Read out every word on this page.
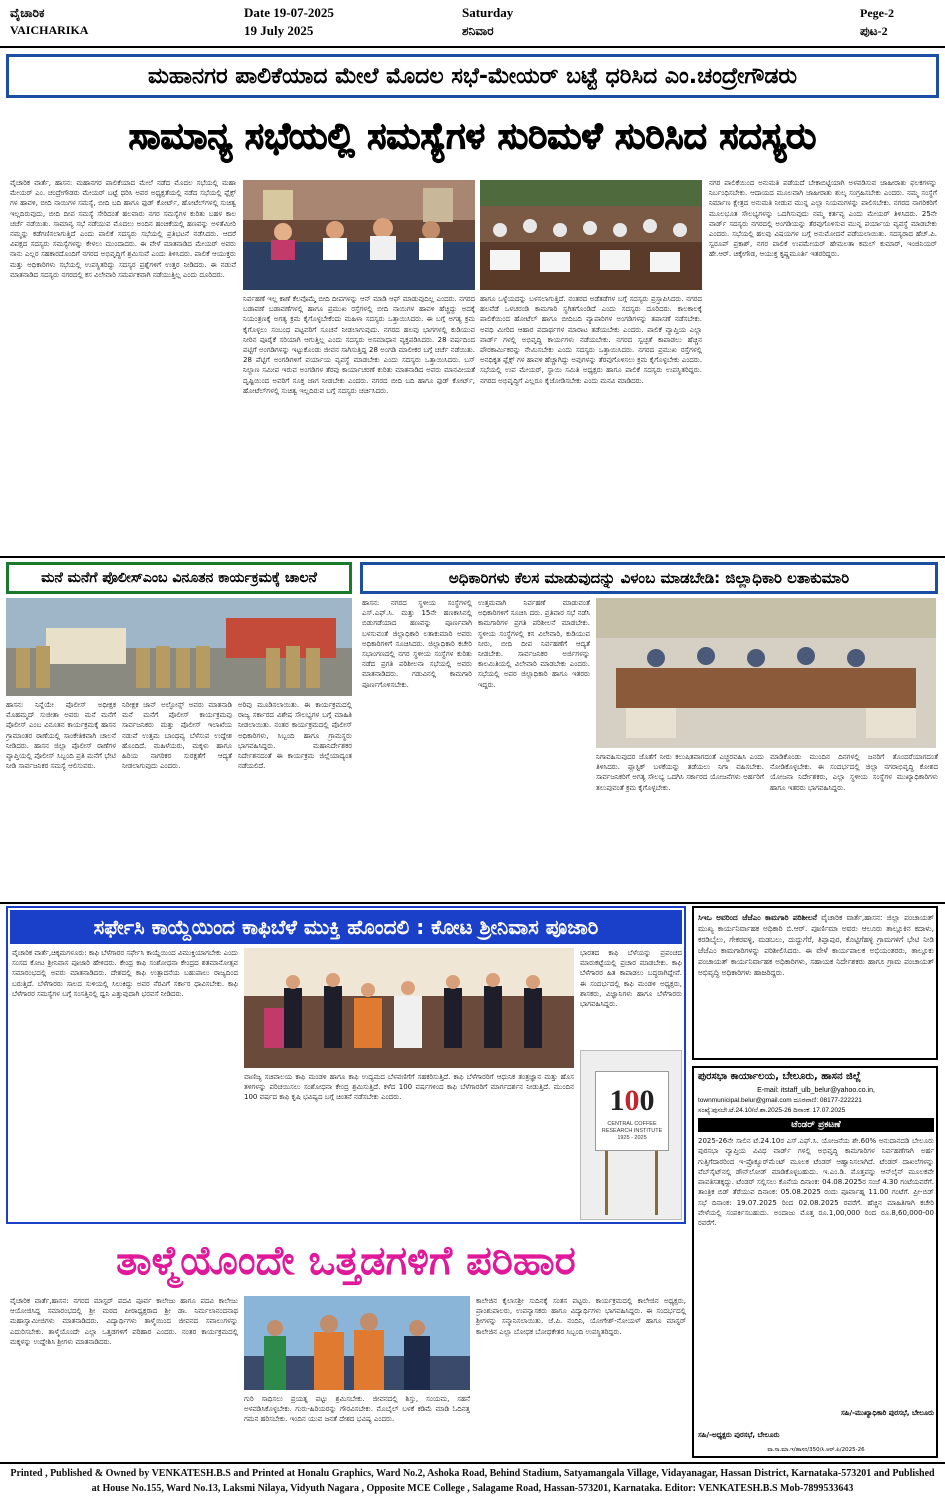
ವೈಚಾರಿಕ
VAICHARIKA
Date 19-07-2025
19 July 2025
Saturday
ಶನಿವಾರ
Pege-2
ಪುಟ-2
ಮಹಾನಗರ ಪಾಲಿಕೆಯಾದ ಮೇಲೆ ಮೊದಲ ಸಭೆ-ಮೇಯರ್ ಬಟ್ಟೆ ಧರಿಸಿದ ಎಂ.ಚಂದ್ರೇಗೌಡರು
ಸಾಮಾನ್ಯ ಸಭೆಯಲ್ಲಿ ಸಮಸ್ಯೆಗಳ ಸುರಿಮಳೆ ಸುರಿಸಿದ ಸದಸ್ಯರು
ವೈಚಾರಿಕ ವಾರ್ತೆ, ಹಾಸನ: ಮಹಾನಗರ ಪಾಲಿಕೆಯಾದ ಮೇಲೆ ನಡೆದ ಮೊದಲ ಸಭೆಯಲ್ಲಿ ಮಹಾ ಮೇಯರ್ ಎಂ. ಚಂದ್ರೇಗೌಡರು ಮೇಯರ್ ಬಟ್ಟೆ ಧರಿಸಿ ಅವರ ಅಧ್ಯಕ್ಷತೆಯಲ್ಲಿ ನಡೆದ ಸಭೆಯಲ್ಲಿ ಫ್ಲೆಕ್ಸ್ ಗಳ ಹಾವಳಿ, ಬೀದಿ ನಾಯಿಗಳ ಸಮಸ್ಯೆ, ಬೀದಿ ಬದಿ ಹಾಗೂ ಫುಡ್ ಕೋರ್ಟ್, ಹೋಟೆಲ್‌ಗಳಲ್ಲಿ ಸುಚಿತ್ವ ಇಲ್ಲದಿರುವುದು, ಬೀದಿ ದೀಪ ಸಮಸ್ಯೆ ಸೇರಿದಂತೆ ಹಲವಾರು ನಗರ ಸಮಸ್ಯೆಗಳ ಕುರಿತು ಬಹಳ ಕಾಲ ಚರ್ಚೆ ನಡೆಯಿತು. ಸಾಮಾನ್ಯ ಸಭೆ ನಡೆಯುವ ಮೊದಲು ಅಂದಿನ ಹಂಚಿಕೆಯಲ್ಲಿ ಹಣವನ್ನು ಅಳತೆಮೀರಿ ನಮ್ಮನ್ನು ಕಡೆಗಣಿಸಲಾಗುತ್ತಿದೆ ಎಂದು ಪಾಲಿಕೆ ಸದಸ್ಯರು ಸಭೆಯಲ್ಲಿ ಪ್ರತಿಭಟನೆ ನಡೆಸಿದರು. ಆದರೆ ವಿಪಕ್ಷದ ಸದಸ್ಯರು ಸಮಸ್ಯೆಗಳನ್ನು ಕೇಳಲು ಮುಂದಾದರು. ಈ ವೇಳೆ ಮಾತನಾಡಿದ ಮೇಯರ್ ಅವರು ನಾನು ಎಲ್ಲರ ಸಹಕಾರದೊಂದಿಗೆ ನಗರದ ಅಭಿವೃದ್ಧಿಗೆ ಶ್ರಮಿಸುವೆ ಎಂದು ತಿಳಿಸಿದರು. ಪಾಲಿಕೆ ಆಯುಕ್ತರು ಮತ್ತು ಅಧಿಕಾರಿಗಳು ಸಭೆಯಲ್ಲಿ ಉಪಸ್ಥಿತರಿದ್ದು ಸದಸ್ಯರ ಪ್ರಶ್ನೆಗಳಿಗೆ ಉತ್ತರ ನೀಡಿದರು. ಈ ನಡುವೆ ಮಾತನಾಡಿದ ಸದಸ್ಯರು ನಗರದಲ್ಲಿ ಕಸ ವಿಲೇವಾರಿ ಸಮರ್ಪಕವಾಗಿ ನಡೆಯುತ್ತಿಲ್ಲ ಎಂದು ದೂರಿದರು.
ನಿರ್ವಹಣೆ ಇಲ್ಲ ಕಾಣೆ ಕೆಲವೊಮ್ಮೆ ಬೀದಿ ದೀಪಗಳನ್ನು ಆನ್ ಮಾಡಿ ಆಫ್ ಮಾಡುವುದಿಲ್ಲ ಎಂದರು. ನಗರದ ಬಡಾವಣೆ ಬಡಾವಣೆಗಳಲ್ಲಿ ಹಾಗೂ ಪ್ರಮುಖ ರಸ್ತೆಗಳಲ್ಲಿ ಬೀದಿ ನಾಯಿಗಳ ಹಾವಳಿ ಹೆಚ್ಚಿದ್ದು ಅದಕ್ಕೆ ನಿಯಂತ್ರಣಕ್ಕೆ ಅಗತ್ಯ ಕ್ರಮ ಕೈಗೊಳ್ಳಬೇಕೆಂದು ಮಹಿಳಾ ಸದಸ್ಯರು ಒತ್ತಾಯಿಸಿದರು. ಈ ಬಗ್ಗೆ ಅಗತ್ಯ ಕ್ರಮ ಕೈಗೊಳ್ಳಲು ಸಂಬಂಧ ಪಟ್ಟವರಿಗೆ ಸೂಚನೆ ನೀಡಲಾಗುವುದು. ನಗರದ ಹಲವು ಭಾಗಗಳಲ್ಲಿ ಕುಡಿಯುವ ನೀರಿನ ಪೂರೈಕೆ ಸರಿಯಾಗಿ ಆಗುತ್ತಿಲ್ಲ ಎಂದು ಸದಸ್ಯರು ಅಸಮಾಧಾನ ವ್ಯಕ್ತಪಡಿಸಿದರು. 28 ವರ್ಷದಿಂದ ಪಟ್ಟಿಗೆ ಅಂಗಡಿಗಳನ್ನು ಇಟ್ಟುಕೊಂಡು ಜೀವನ ಸಾಗಿಸುತ್ತಿದ್ದ 28 ಅಂಗಡಿ ಮಾಲೀಕರ ಬಗ್ಗೆ ಚರ್ಚೆ ನಡೆಯಿತು. 28 ಪೆಟ್ಟಿಗೆ ಅಂಗಡಿಗಳಿಗೆ ಪರ್ಯಾಯ ವ್ಯವಸ್ಥೆ ಮಾಡಬೇಕು ಎಂದು ಸದಸ್ಯರು ಒತ್ತಾಯಿಸಿದರು. ಬಸ್ ನಿಲ್ದಾಣ ಸಮೀಪ ಇರುವ ಅಂಗಡಿಗಳ ತೆರವು ಕಾರ್ಯಾಚರಣೆ ಕುರಿತು ಮಾತನಾಡಿದ ಅವರು ಮಾನವೀಯತೆ ದೃಷ್ಟಿಯಿಂದ ಅವರಿಗೆ ಸೂಕ್ತ ಜಾಗ ನೀಡಬೇಕು ಎಂದರು. ನಗರದ ಬೀದಿ ಬದಿ ಹಾಗೂ ಫುಡ್ ಕೋರ್ಟ್, ಹೋಟೆಲ್‌ಗಳಲ್ಲಿ ಸುಚಿತ್ವ ಇಲ್ಲದಿರುವ ಬಗ್ಗೆ ಸದಸ್ಯರು ಚರ್ಚಿಸಿದರು.
ಹಾಗೂ ಒಳ್ಳೆಯದನ್ನು ಬಳಸಲಾಗುತ್ತಿದೆ. ನಂತರದ ಅಡೆತಡೆಗಳ ಬಗ್ಗೆ ಸದಸ್ಯರು ಪ್ರಸ್ತಾಪಿಸಿದರು. ನಗರದ ಹಲವೆಡೆ ಒಳಚರಂಡಿ ಕಾಮಗಾರಿ ಸ್ಥಗಿತಗೊಂಡಿದೆ ಎಂದು ಸದಸ್ಯರು ದೂರಿದರು. ಕಾಲಕಾಲಕ್ಕೆ ಪಾಲಿಕೆಯಿಂದ ಹೋಟೆಲ್ ಹಾಗೂ ಬೀದಿಬದಿ ವ್ಯಾಪಾರಿಗಳ ಅಂಗಡಿಗಳನ್ನು ತಪಾಸಣೆ ನಡೆಸಬೇಕು. ಅವಧಿ ಮೀರಿದ ಆಹಾರ ಪದಾರ್ಥಗಳ ಮಾರಾಟ ತಡೆಯಬೇಕು ಎಂದರು. ಪಾಲಿಕೆ ವ್ಯಾಪ್ತಿಯ ಎಲ್ಲಾ ವಾರ್ಡ್ ಗಳಲ್ಲಿ ಅಭಿವೃದ್ಧಿ ಕಾರ್ಯಗಳು ನಡೆಯಬೇಕು. ನಗರದ ಸ್ವಚ್ಛತೆ ಕಾಪಾಡಲು ಹೆಚ್ಚಿನ ಪೌರಕಾರ್ಮಿಕರನ್ನು ನೇಮಿಸಬೇಕು ಎಂದು ಸದಸ್ಯರು ಒತ್ತಾಯಿಸಿದರು. ನಗರದ ಪ್ರಮುಖ ರಸ್ತೆಗಳಲ್ಲಿ ಅನಧಿಕೃತ ಫ್ಲೆಕ್ಸ್ ಗಳ ಹಾವಳಿ ಹೆಚ್ಚಾಗಿದ್ದು ಅವುಗಳನ್ನು ತೆರವುಗೊಳಿಸಲು ಕ್ರಮ ಕೈಗೊಳ್ಳಬೇಕು ಎಂದರು. ಸಭೆಯಲ್ಲಿ ಉಪ ಮೇಯರ್, ಸ್ಥಾಯಿ ಸಮಿತಿ ಅಧ್ಯಕ್ಷರು ಹಾಗೂ ಪಾಲಿಕೆ ಸದಸ್ಯರು ಉಪಸ್ಥಿತರಿದ್ದರು. ನಗರದ ಅಭಿವೃದ್ಧಿಗೆ ಎಲ್ಲರೂ ಕೈಜೋಡಿಸಬೇಕು ಎಂದು ಮನವಿ ಮಾಡಿದರು.
ನಗರ ಪಾಲಿಕೆಯಿಂದ ಅನುಮತಿ ಪಡೆಯದೆ ಬೇಕಾಬಿಟ್ಟಿಯಾಗಿ ಅಳವಡಿಸುವ ಜಾಹೀರಾತು ಫಲಕಗಳನ್ನು ನಿರ್ಬಂಧಿಸಬೇಕು. ಆದಾಯದ ಮೂಲವಾಗಿ ಜಾಹೀರಾತು ಶುಲ್ಕ ಸಂಗ್ರಹಿಸಬೇಕು ಎಂದರು. ನಮ್ಮ ಸಂಸ್ಥೆಗೆ ನಿರ್ಮಾಣ ಕ್ಷೇತ್ರದ ಅನುಮತಿ ನೀಡುವ ಮುನ್ನ ಎಲ್ಲಾ ನಿಯಮಗಳನ್ನು ಪಾಲಿಸಬೇಕು. ನಗರದ ನಾಗರಿಕರಿಗೆ ಮೂಲಭೂತ ಸೌಲಭ್ಯಗಳನ್ನು ಒದಗಿಸುವುದು ನಮ್ಮ ಕರ್ತವ್ಯ ಎಂದು ಮೇಯರ್ ತಿಳಿಸಿದರು. 25ನೇ ವಾರ್ಡ್ ಸದಸ್ಯರು ನಗರದಲ್ಲಿ ಅಂಗಡಿಯನ್ನು ತೆರವುಗೊಳಿಸುವ ಮುನ್ನ ಪರ್ಯಾಯ ವ್ಯವಸ್ಥೆ ಮಾಡಬೇಕು ಎಂದರು. ಸಭೆಯಲ್ಲಿ ಹಲವು ವಿಷಯಗಳ ಬಗ್ಗೆ ಅನುಮೋದನೆ ಪಡೆಯಲಾಯಿತು. ಸದಸ್ಯರಾದ ಹೆಚ್.ಪಿ. ಸ್ವರೂಪ್ ಪ್ರಕಾಶ್, ನಗರ ಪಾಲಿಕೆ ಉಪಮೇಯರ್ ಹೇಮಲತಾ ಕಮಲ್ ಕುಮಾರ್, ಇಂಜಿನಿಯರ್ ಹೇ.ಆರ್. ಚಿಕ್ಕೇಗೌಡ, ಆಯುಕ್ತ ಕೃಷ್ಣಮೂರ್ತಿ ಇತರರಿದ್ದರು.
ಮನೆ ಮನೆಗೆ ಪೊಲೀಸ್‌ಎಂಬ ವಿನೂತನ ಕಾರ್ಯಕ್ರಮಕ್ಕೆ ಚಾಲನೆ
ಹಾಸನ: ನಿನ್ನೆಯೇ ಪೊಲೀಸ್ ಅಧೀಕ್ಷಕ ಮೊಹಮ್ಮದ್ ಸುಜೀತಾ ಅವರು ಮನೆ ಮನೆಗೆ ಪೊಲೀಸ್ ಎಂಬ ವಿನೂತನ ಕಾರ್ಯಕ್ರಮಕ್ಕೆ ಹಾಸನ ಗ್ರಾಮಾಂತರ ಠಾಣೆಯಲ್ಲಿ ಸಾಂಕೇತಿಕವಾಗಿ ಚಾಲನೆ ನೀಡಿದರು. ಹಾಸನ ಜಿಲ್ಲಾ ಪೊಲೀಸ್ ಠಾಣೆಗಳ ವ್ಯಾಪ್ತಿಯಲ್ಲಿ ಪೊಲೀಸ್ ಸಿಬ್ಬಂದಿ ಪ್ರತಿ ಮನೆಗೆ ಭೇಟಿ ನೀಡಿ ಸಾರ್ವಜನಿಕರ ಸಮಸ್ಯೆ ಆಲಿಸುವರು.
ನಿರೀಕ್ಷಕ ಜಾನ್ ಅಲ್ಫೋನ್ಸ್ ಅವರು ಮಾತನಾಡಿ ಮನೆ ಮನೆಗೆ ಪೊಲೀಸ್ ಕಾರ್ಯಕ್ರಮವು ಸಾರ್ವಜನಿಕರು ಮತ್ತು ಪೊಲೀಸ್ ಇಲಾಖೆಯ ನಡುವೆ ಉತ್ತಮ ಬಾಂಧವ್ಯ ಬೆಳೆಸುವ ಉದ್ದೇಶ ಹೊಂದಿದೆ. ಮಹಿಳೆಯರು, ಮಕ್ಕಳು ಹಾಗೂ ಹಿರಿಯ ನಾಗರಿಕರ ಸುರಕ್ಷತೆಗೆ ಆದ್ಯತೆ ನೀಡಲಾಗುವುದು ಎಂದರು.
ಅರಿವು ಮೂಡಿಸಲಾಯಿತು. ಈ ಕಾರ್ಯಕ್ರಮದಲ್ಲಿ ರಾಜ್ಯ ಸರ್ಕಾರದ ವಿಶೇಷ ಸೌಲಭ್ಯಗಳ ಬಗ್ಗೆ ಮಾಹಿತಿ ನೀಡಲಾಯಿತು. ನಂತರ ಕಾರ್ಯಕ್ರಮದಲ್ಲಿ ಪೊಲೀಸ್ ಅಧಿಕಾರಿಗಳು, ಸಿಬ್ಬಂದಿ ಹಾಗೂ ಗ್ರಾಮಸ್ಥರು ಭಾಗವಹಿಸಿದ್ದರು. ಮಹಾನಿರ್ದೇಶಕರ ನಿರ್ದೇಶನದಂತೆ ಈ ಕಾರ್ಯಕ್ರಮ ಜಿಲ್ಲೆಯಾದ್ಯಂತ ನಡೆಯಲಿದೆ.
ಅಧಿಕಾರಿಗಳು ಕೆಲಸ ಮಾಡುವುದನ್ನು ವಿಳಂಬ ಮಾಡಬೇಡಿ: ಜಿಲ್ಲಾಧಿಕಾರಿ ಲತಾಕುಮಾರಿ
ಹಾಸನ: ನಗರದ ಸ್ಥಳೀಯ ಸಂಸ್ಥೆಗಳಲ್ಲಿ ಎಸ್.ಎಫ್.ಸಿ. ಮತ್ತು 15ನೇ ಹಣಕಾಸಿನಲ್ಲಿ ಬಿಡುಗಡೆಯಾದ ಹಣವನ್ನು ಪೂರ್ಣವಾಗಿ ಬಳಸುವಂತೆ ಜಿಲ್ಲಾಧಿಕಾರಿ ಲತಾಕುಮಾರಿ ಅವರು ಅಧಿಕಾರಿಗಳಿಗೆ ಸೂಚಿಸಿದರು. ಜಿಲ್ಲಾಧಿಕಾರಿ ಕಚೇರಿ ಸಭಾಂಗಣದಲ್ಲಿ ನಗರ ಸ್ಥಳೀಯ ಸಂಸ್ಥೆಗಳ ಕುರಿತು ನಡೆದ ಪ್ರಗತಿ ಪರಿಶೀಲನಾ ಸಭೆಯಲ್ಲಿ ಅವರು ಮಾತನಾಡಿದರು. ಗಡುವಿನಲ್ಲಿ ಕಾಮಗಾರಿ ಪೂರ್ಣಗೊಳಿಸಬೇಕು.
ಉತ್ತಮವಾಗಿ ನಿರ್ವಹಣೆ ಮಾಡುವಂತೆ ಅಧಿಕಾರಿಗಳಿಗೆ ಸೂಚಿಸಿ ದರು. ಪ್ರತಿವಾರ ಸಭೆ ನಡೆಸಿ ಕಾಮಗಾರಿಗಳ ಪ್ರಗತಿ ಪರಿಶೀಲನೆ ಮಾಡಬೇಕು. ಸ್ಥಳೀಯ ಸಂಸ್ಥೆಗಳಲ್ಲಿ ಕಸ ವಿಲೇವಾರಿ, ಕುಡಿಯುವ ನೀರು, ಬೀದಿ ದೀಪ ನಿರ್ವಹಣೆಗೆ ಆದ್ಯತೆ ನೀಡಬೇಕು. ಸಾರ್ವಜನಿಕರ ಅರ್ಜಿಗಳನ್ನು ಕಾಲಮಿತಿಯಲ್ಲಿ ವಿಲೇವಾರಿ ಮಾಡಬೇಕು ಎಂದರು. ಸಭೆಯಲ್ಲಿ ಅಪರ ಜಿಲ್ಲಾಧಿಕಾರಿ ಹಾಗೂ ಇತರರು ಇದ್ದರು.
ನಿಗಾವಹಿಸುವುದರ ಜೊತೆಗೆ ನೀರು ಕಲುಷಿತವಾಗದಂತೆ ಎಚ್ಚರವಹಿಸಿ ಎಂದು ತಿಳಿಸಿದರು. ಪ್ಲಾಸ್ಟಿಕ್ ಬಳಕೆಯನ್ನು ತಡೆಯಲು ನಿಗಾ ವಹಿಸಬೇಕು. ಸಾರ್ವಜನಿಕರಿಗೆ ಅಗತ್ಯ ಸೌಲಭ್ಯ ಒದಗಿಸಿ ಸರ್ಕಾರದ ಯೋಜನೆಗಳು ಅರ್ಹರಿಗೆ ತಲುಪುವಂತೆ ಕ್ರಮ ಕೈಗೊಳ್ಳಬೇಕು.
ಮಾಡಿಕೊಂಡು ಮುಂದಿನ ದಿನಗಳಲ್ಲಿ ಜನರಿಗೆ ತೊಂದರೆಯಾಗದಂತೆ ನೋಡಿಕೊಳ್ಳಬೇಕು. ಈ ಸಂದರ್ಭದಲ್ಲಿ ಜಿಲ್ಲಾ ನಗರಾಭಿವೃದ್ಧಿ ಕೋಶದ ಯೋಜನಾ ನಿರ್ದೇಶಕರು, ಎಲ್ಲಾ ಸ್ಥಳೀಯ ಸಂಸ್ಥೆಗಳ ಮುಖ್ಯಾಧಿಕಾರಿಗಳು ಹಾಗೂ ಇತರರು ಭಾಗವಹಿಸಿದ್ದರು.
ಸರ್ಫೇಸಿ ಕಾಯ್ದೆಯಿಂದ ಕಾಫಿಬೆಳೆ ಮುಕ್ತಿ ಹೊಂದಲಿ : ಕೋಟ ಶ್ರೀನಿವಾಸ ಪೂಜಾರಿ
ವೈಚಾರಿಕ ವಾರ್ತೆ,ಚಿಕ್ಕಮಗಳೂರು: ಕಾಫಿ ಬೆಳೆಗಾರರ ಸರ್ಫೇಸಿ ಕಾಯ್ದೆಯಿಂದ ವಿಮುಕ್ತಿಯಾಗಬೇಕು ಎಂದು ಸಂಸದ ಕೋಟ ಶ್ರೀನಿವಾಸ ಪೂಜಾರಿ ಹೇಳಿದರು. ಕೇಂದ್ರ ಕಾಫಿ ಸಂಶೋಧನಾ ಕೇಂದ್ರದ ಶತಮಾನೋತ್ಸವ ಸಮಾರಂಭದಲ್ಲಿ ಅವರು ಮಾತನಾಡಿದರು. ದೇಶದಲ್ಲಿ ಕಾಫಿ ಉತ್ಪಾದನೆಯ ಬಹುಪಾಲು ರಾಜ್ಯದಿಂದ ಬರುತ್ತಿದೆ. ಬೆಳೆಗಾರರು ಸಾಲದ ಸುಳಿಯಲ್ಲಿ ಸಿಲುಕಿದ್ದು ಅವರ ನೆರವಿಗೆ ಸರ್ಕಾರ ಧಾವಿಸಬೇಕು. ಕಾಫಿ ಬೆಳೆಗಾರರ ಸಮಸ್ಯೆಗಳ ಬಗ್ಗೆ ಸಂಸತ್ತಿನಲ್ಲಿ ಧ್ವನಿ ಎತ್ತುವುದಾಗಿ ಭರವಸೆ ನೀಡಿದರು.
ವಾಣಿಜ್ಯ ಸಚಿವಾಲಯ ಕಾಫಿ ಮಂಡಳಿ ಹಾಗೂ ಕಾಫಿ ಉದ್ಯಮದ ಬೆಳವಣಿಗೆಗೆ ಸಹಕರಿಸುತ್ತಿದೆ. ಕಾಫಿ ಬೆಳೆಗಾರರಿಗೆ ಆಧುನಿಕ ತಂತ್ರಜ್ಞಾನ ಮತ್ತು ಹೊಸ ತಳಿಗಳನ್ನು ಪರಿಚಯಿಸಲು ಸಂಶೋಧನಾ ಕೇಂದ್ರ ಶ್ರಮಿಸುತ್ತಿದೆ. ಕಳೆದ 100 ವರ್ಷಗಳಿಂದ ಕಾಫಿ ಬೆಳೆಗಾರರಿಗೆ ಮಾರ್ಗದರ್ಶನ ನೀಡುತ್ತಿದೆ. ಮುಂದಿನ 100 ವರ್ಷದ ಕಾಫಿ ಕೃಷಿ ಭವಿಷ್ಯದ ಬಗ್ಗೆ ಚಿಂತನೆ ನಡೆಸಬೇಕು ಎಂದರು.
ಭಾರತದ ಕಾಫಿ ಬೆಳೆಯನ್ನು ಪ್ರಪಂಚದ ಮಾರುಕಟ್ಟೆಯಲ್ಲಿ ಪ್ರಚಾರ ಮಾಡಬೇಕು. ಕಾಫಿ ಬೆಳೆಗಾರರ ಹಿತ ಕಾಪಾಡಲು ಬದ್ಧರಾಗಿದ್ದೇವೆ. ಈ ಸಂದರ್ಭದಲ್ಲಿ ಕಾಫಿ ಮಂಡಳಿ ಅಧ್ಯಕ್ಷರು, ಶಾಸಕರು, ವಿಜ್ಞಾನಿಗಳು ಹಾಗೂ ಬೆಳೆಗಾರರು ಭಾಗವಹಿಸಿದ್ದರು.
100
CENTRAL COFFEE
RESEARCH INSTITUTE
1925 - 2025
ಸಿಇಒ ಅವರಿಂದ ಜೆಜೆಎಂ ಕಾಮಗಾರಿ ಪರಿಶೀಲನೆ ವೈಚಾರಿಕ ವಾರ್ತೆ,ಹಾಸನ: ಜಿಲ್ಲಾ ಪಂಚಾಯತ್ ಮುಖ್ಯ ಕಾರ್ಯನಿರ್ವಾಹಕ ಅಧಿಕಾರಿ ಬಿ.ಆರ್. ಪೂರ್ಣಿಮಾ ಅವರು ಆಲೂರು ತಾಲ್ಲೂಕಿನ ಕದಾಳು, ಕರಡಿಬೈಲು, ಗೇಕರವಳ್ಳಿ, ಮಡಬಲು, ದುದ್ದುಗೆರೆ, ತಿಪ್ಪಾಪುರ, ಕೊಟ್ಟಿಗೆಹಳ್ಳಿ ಗ್ರಾಮಗಳಿಗೆ ಭೇಟಿ ನೀಡಿ ಜೆಜೆಎಂ ಕಾಮಗಾರಿಗಳನ್ನು ಪರಿಶೀಲಿಸಿದರು. ಈ ವೇಳೆ ಕಾರ್ಯಪಾಲಕ ಅಭಿಯಂತರರು, ತಾಲ್ಲೂಕು ಪಂಚಾಯತ್ ಕಾರ್ಯನಿರ್ವಾಹಕ ಅಧಿಕಾರಿಗಳು, ಸಹಾಯಕ ನಿರ್ದೇಶಕರು ಹಾಗೂ ಗ್ರಾಮ ಪಂಚಾಯತ್ ಅಭಿವೃದ್ಧಿ ಅಧಿಕಾರಿಗಳು ಹಾಜರಿದ್ದರು.
ಪುರಸಭಾ ಕಾರ್ಯಾಲಯ, ಬೇಲೂರು, ಹಾಸನ ಜಿಲ್ಲೆ
E-mail: itstaff_ulb_belur@yahoo.co.in,
townmunicipal.belur@gmail.com ದೂರವಾಣಿ: 08177-222221
ಸಂಖ್ಯೆ:ಪುಸಬೇ.ಟೆ.24.10/ಲೆ.ಶಾ.2025-26 ದಿನಾಂಕ: 17.07.2025
ಟೆಂಡರ್ ಪ್ರಕಟಣೆ
2025-26ನೇ ಸಾಲಿನ ಟೆ.24.10ರ ಎಸ್.ಎಫ್.ಸಿ. ಯೋಜನೆಯ ಶೇ.60% ಅನುದಾನದಡಿ ಬೇಲೂರು ಪುರಸಭಾ ವ್ಯಾಪ್ತಿಯ ವಿವಿಧ ವಾರ್ಡ್ ಗಳಲ್ಲಿ ಅಭಿವೃದ್ಧಿ ಕಾಮಗಾರಿಗಳ ನಿರ್ವಹಣೆಗಾಗಿ ಅರ್ಹ ಗುತ್ತಿಗೆದಾರರಿಂದ ಇ-ಪ್ರೊಕ್ಯೂರ್‌ಮೆಂಟ್ ಮೂಲಕ ಟೆಂಡರ್ ಆಹ್ವಾನಿಸಲಾಗಿದೆ. ಟೆಂಡರ್ ದಾಖಲೆಗಳನ್ನು ವೆಬ್‌ಸೈಟ್‌ನಲ್ಲಿ ಡೌನ್‌ಲೋಡ್ ಮಾಡಿಕೊಳ್ಳಬಹುದು. ಇ.ಎಂ.ಡಿ. ಮೊತ್ತವನ್ನು ಆನ್‌ಲೈನ್ ಮೂಲಕವೇ ಪಾವತಿಸತಕ್ಕದ್ದು. ಟೆಂಡರ್ ಸಲ್ಲಿಸಲು ಕೊನೆಯ ದಿನಾಂಕ: 04.08.2025ರ ಸಂಜೆ 4.30 ಗಂಟೆಯವರೆಗೆ. ತಾಂತ್ರಿಕ ಬಿಡ್ ತೆರೆಯುವ ದಿನಾಂಕ: 05.08.2025 ರಂದು ಪೂರ್ವಾಹ್ನ 11.00 ಗಂಟೆಗೆ. ಪ್ರೀ-ಬಿಡ್ ಸಭೆ ದಿನಾಂಕ: 19.07.2025 ರಿಂದ 02.08.2025 ರವರೆಗೆ. ಹೆಚ್ಚಿನ ಮಾಹಿತಿಗಾಗಿ ಕಚೇರಿ ವೇಳೆಯಲ್ಲಿ ಸಂಪರ್ಕಿಸಬಹುದು. ಅಂದಾಜು ಮೊತ್ತ ರೂ.1,00,000 ರಿಂದ ರೂ.8,60,000-00 ರವರೆಗೆ.
ಸಹಿ/-ಮುಖ್ಯಾಧಿಕಾರಿ ಪುರಸಭೆ, ಬೇಲೂರು
ಸಹಿ/-ಅಧ್ಯಕ್ಷರು ಪುರಸಭೆ, ಬೇಲೂರು
ವಾ.ಸಾ.ಮಾ.ಇ/ಹಾಸನ/350/ಸಿ.ಆರ್.ಪಿ/2025-26
ತಾಳ್ಮೆಯೊಂದೇ ಒತ್ತಡಗಳಿಗೆ ಪರಿಹಾರ
ವೈಚಾರಿಕ ವಾರ್ತೆ,ಹಾಸನ: ನಗರದ ಮಾಸ್ಟರ್ ಪದವಿ ಪೂರ್ವ ಕಾಲೇಜು ಹಾಗೂ ಪದವಿ ಕಾಲೇಜು ಆಯೋಜಿಸಿದ್ದ ಸಮಾರಂಭದಲ್ಲಿ ಶ್ರೀ ಮಠದ ಪೀಠಾಧ್ಯಕ್ಷರಾದ ಶ್ರೀ ಡಾ. ನಿರ್ಮಲಾನಂದನಾಥ ಮಹಾಸ್ವಾಮೀಜಿಗಳು ಮಾತನಾಡಿದರು. ವಿದ್ಯಾರ್ಥಿಗಳು ತಾಳ್ಮೆಯಿಂದ ಜೀವನದ ಸವಾಲುಗಳನ್ನು ಎದುರಿಸಬೇಕು. ತಾಳ್ಮೆಯೊಂದೇ ಎಲ್ಲಾ ಒತ್ತಡಗಳಿಗೆ ಪರಿಹಾರ ಎಂದರು. ನಂತರ ಕಾರ್ಯಕ್ರಮದಲ್ಲಿ ಮಕ್ಕಳನ್ನು ಉದ್ದೇಶಿಸಿ ಶ್ರೀಗಳು ಮಾತನಾಡಿದರು.
ಗುರಿ ಸಾಧಿಸಲು ಪ್ರಯತ್ನ ಪಟ್ಟು ಶ್ರಮಿಸಬೇಕು. ಜೀವನದಲ್ಲಿ ಶಿಸ್ತು, ಸಂಯಮ, ಸಹನೆ ಅಳವಡಿಸಿಕೊಳ್ಳಬೇಕು. ಗುರು-ಹಿರಿಯರನ್ನು ಗೌರವಿಸಬೇಕು. ಮೊಬೈಲ್ ಬಳಕೆ ಕಡಿಮೆ ಮಾಡಿ ಓದಿನತ್ತ ಗಮನ ಹರಿಸಬೇಕು. ಇಂದಿನ ಯುವ ಜನತೆ ದೇಶದ ಭವಿಷ್ಯ ಎಂದರು.
ಕಾಲೇಜಿನ ಕೈಲಾಸಶ್ರೀ ಸುದಿನಕ್ಕೆ ಸಂತಸ ಪಟ್ಟರು. ಕಾರ್ಯಕ್ರಮದಲ್ಲಿ ಕಾಲೇಜಿನ ಅಧ್ಯಕ್ಷರು, ಪ್ರಾಂಶುಪಾಲರು, ಉಪನ್ಯಾಸಕರು ಹಾಗೂ ವಿದ್ಯಾರ್ಥಿಗಳು ಭಾಗವಹಿಸಿದ್ದರು. ಈ ಸಂದರ್ಭದಲ್ಲಿ ಶ್ರೀಗಳನ್ನು ಸನ್ಮಾನಿಸಲಾಯಿತು. ಜೆ.ಪಿ. ನಂದಿನಿ, ಯೋಗೇಶ್-ನೋಯಳ್ ಹಾಗೂ ಮಾಸ್ಟರ್ ಕಾಲೇಜಿನ ಎಲ್ಲಾ ಬೋಧಕ ಬೋಧಕೇತರ ಸಿಬ್ಬಂದಿ ಉಪಸ್ಥಿತರಿದ್ದರು.
Printed , Published & Owned by VENKATESH.B.S and Printed at Honalu Graphics, Ward No.2, Ashoka Road, Behind Stadium, Satyamangala Village, Vidayanagar, Hassan District, Karnataka-573201 and Published
at House No.155, Ward No.13, Laksmi Nilaya, Vidyuth Nagara , Opposite MCE College , Salagame Road, Hassan-573201, Karnataka. Editor: VENKATESH.B.S Mob-7899533643
